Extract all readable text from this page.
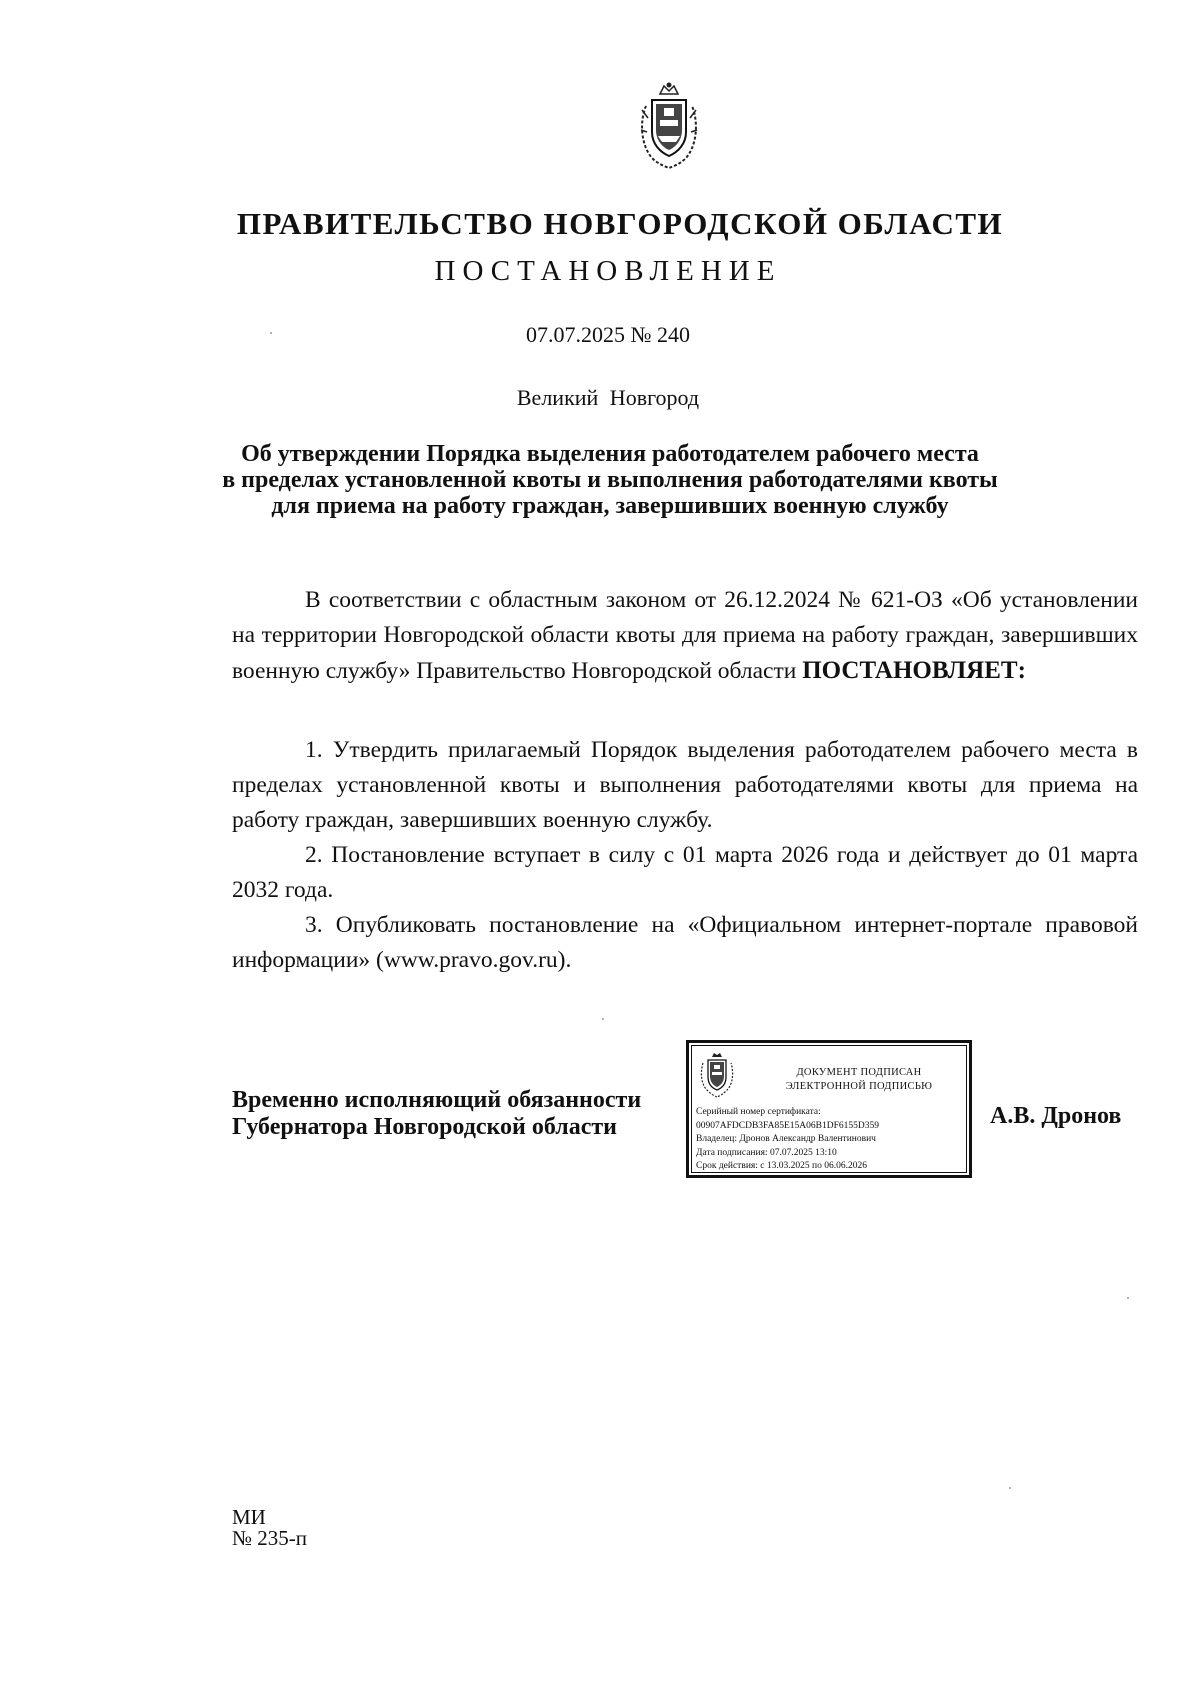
ПРАВИТЕЛЬСТВО НОВГОРОДСКОЙ ОБЛАСТИ
ПОСТАНОВЛЕНИЕ
07.07.2025 № 240
Великий Новгород
Об утверждении Порядка выделения работодателем рабочего места
в пределах установленной квоты и выполнения работодателями квоты
для приема на работу граждан, завершивших военную службу

В соответствии с областным законом от 26.12.2024 № 621-ОЗ «Об установлении на территории Новгородской области квоты для приема на работу граждан, завершивших военную службу» Правительство Новгородской области ПОСТАНОВЛЯЕТ:

1. Утвердить прилагаемый Порядок выделения работодателем рабочего места в пределах установленной квоты и выполнения работодателями квоты для приема на работу граждан, завершивших военную службу.

2. Постановление вступает в силу с 01 марта 2026 года и действует до 01 марта 2032 года.

3. Опубликовать постановление на «Официальном интернет-портале правовой информации» (www.pravo.gov.ru).

Временно исполняющий обязанности
Губернатора Новгородской области
ДОКУМЕНТ ПОДПИСАН
ЭЛЕКТРОННОЙ ПОДПИСЬЮ
Серийный номер сертификата:
00907AFDCDB3FA85E15A06B1DF6155D359
Владелец: Дронов Александр Валентинович
Дата подписания: 07.07.2025 13:10
Срок действия: с 13.03.2025 по 06.06.2026
А.В. Дронов
МИ
№ 235-п
